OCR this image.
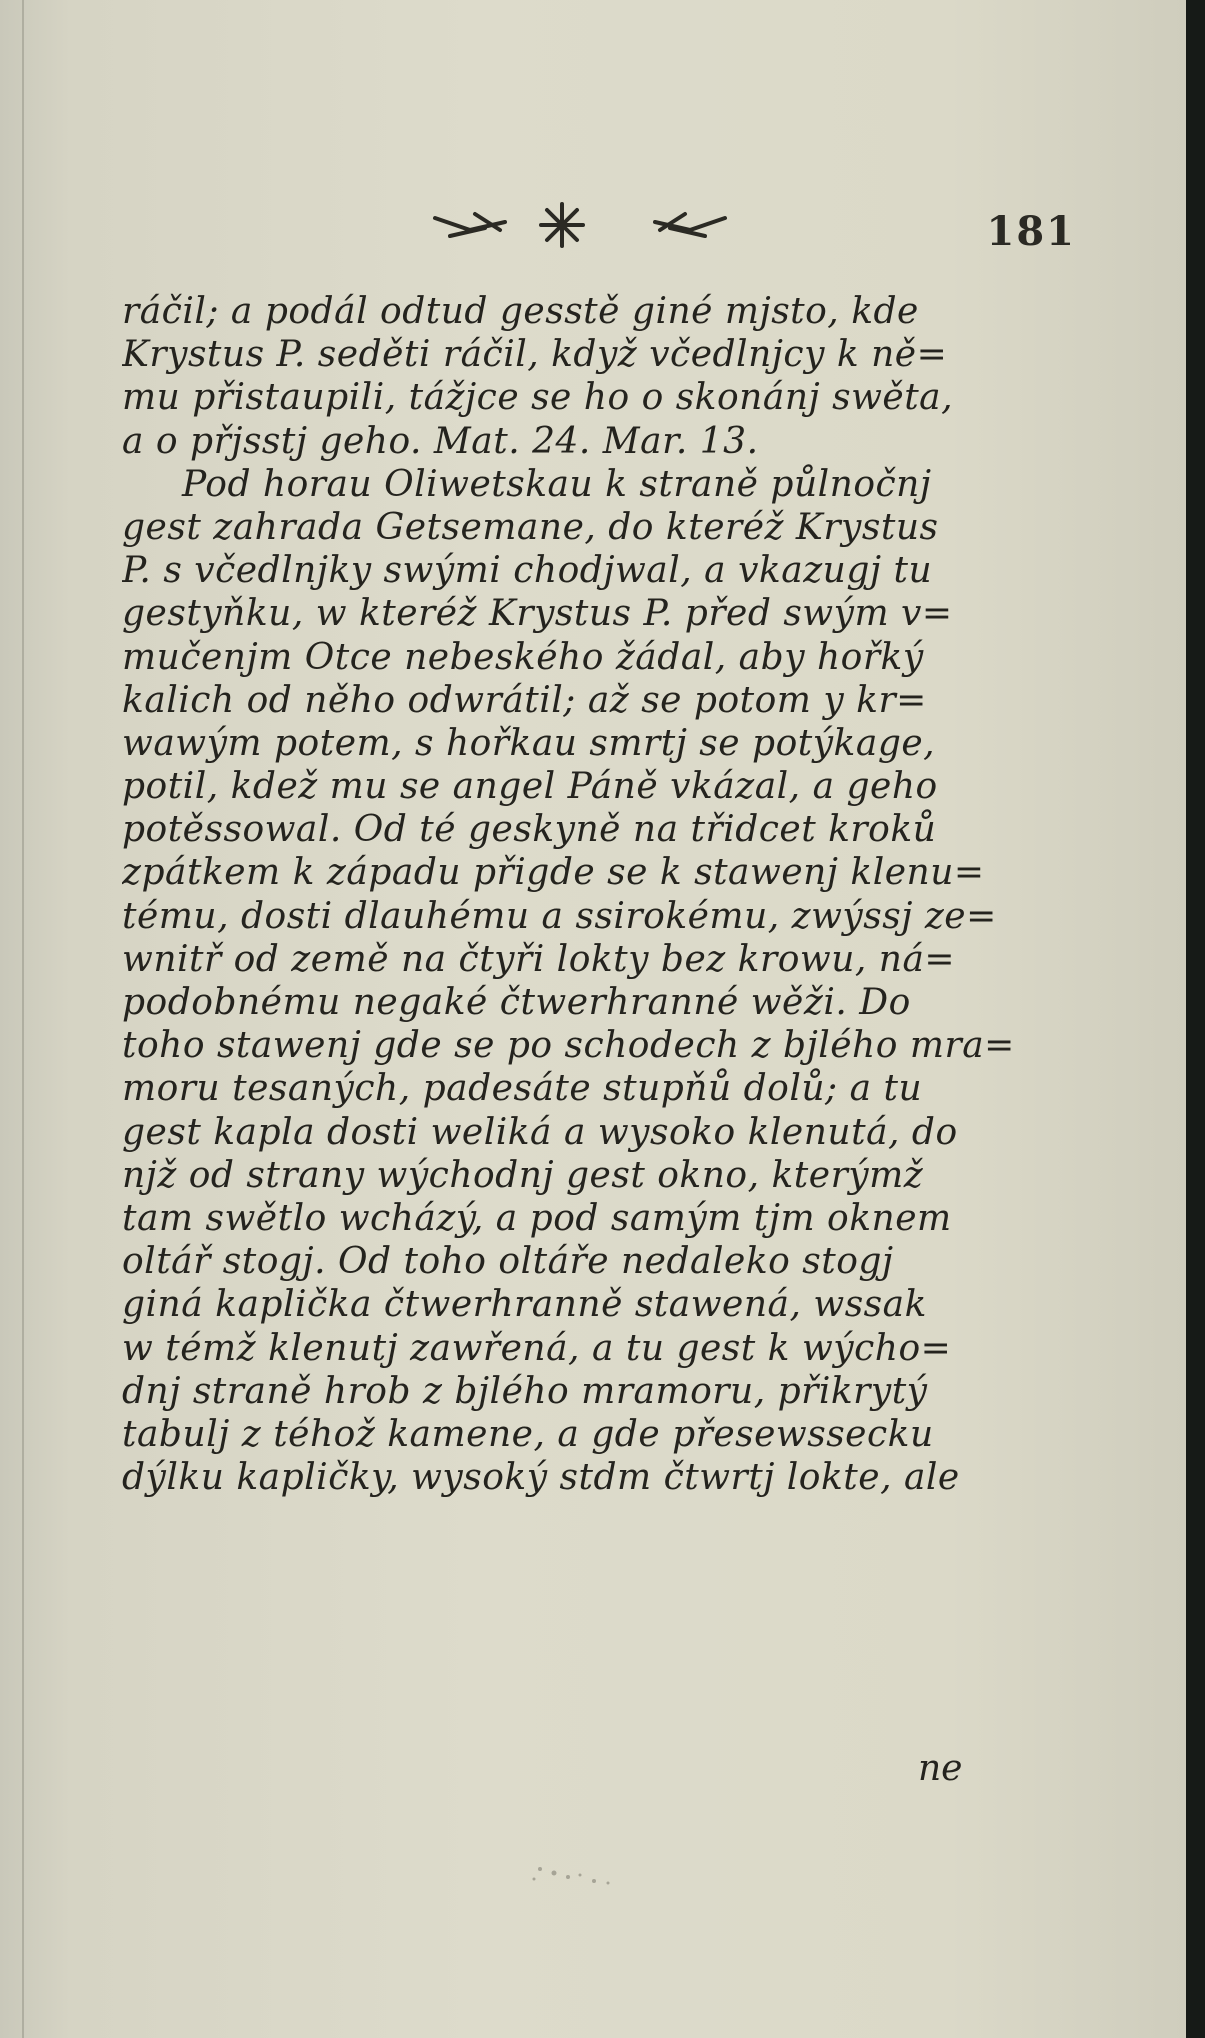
181
ráčil; a podál odtud gesstě giné mjsto, kde
Krystus P. seděti ráčil, když včedlnjcy k ně=
mu přistaupili, tážjce se ho o skonánj swěta,
a o přjsstj geho. Mat. 24. Mar. 13.
Pod horau Oliwetskau k straně půlnočnj
gest zahrada Getsemane, do kteréž Krystus
P. s včedlnjky swými chodjwal, a vkazugj tu
gestyňku, w kteréž Krystus P. před swým v=
mučenjm Otce nebeského žádal, aby hořký
kalich od něho odwrátil; až se potom y kr=
wawým potem, s hořkau smrtj se potýkage,
potil, kdež mu se angel Páně vkázal, a geho
potěssowal. Od té geskyně na třidcet kroků
zpátkem k západu přigde se k stawenj klenu=
tému, dosti dlauhému a ssirokému, zwýssj ze=
wnitř od země na čtyři lokty bez krowu, ná=
podobnému negaké čtwerhranné wěži. Do
toho stawenj gde se po schodech z bjlého mra=
moru tesaných, padesáte stupňů dolů; a tu
gest kapla dosti weliká a wysoko klenutá, do
njž od strany wýchodnj gest okno, kterýmž
tam swětlo wcházý, a pod samým tjm oknem
oltář stogj. Od toho oltáře nedaleko stogj
giná kaplička čtwerhranně stawená, wssak
w témž klenutj zawřená, a tu gest k wýcho=
dnj straně hrob z bjlého mramoru, přikrytý
tabulj z téhož kamene, a gde přesewssecku
dýlku kapličky, wysoký stdm čtwrtj lokte, ale
ne
